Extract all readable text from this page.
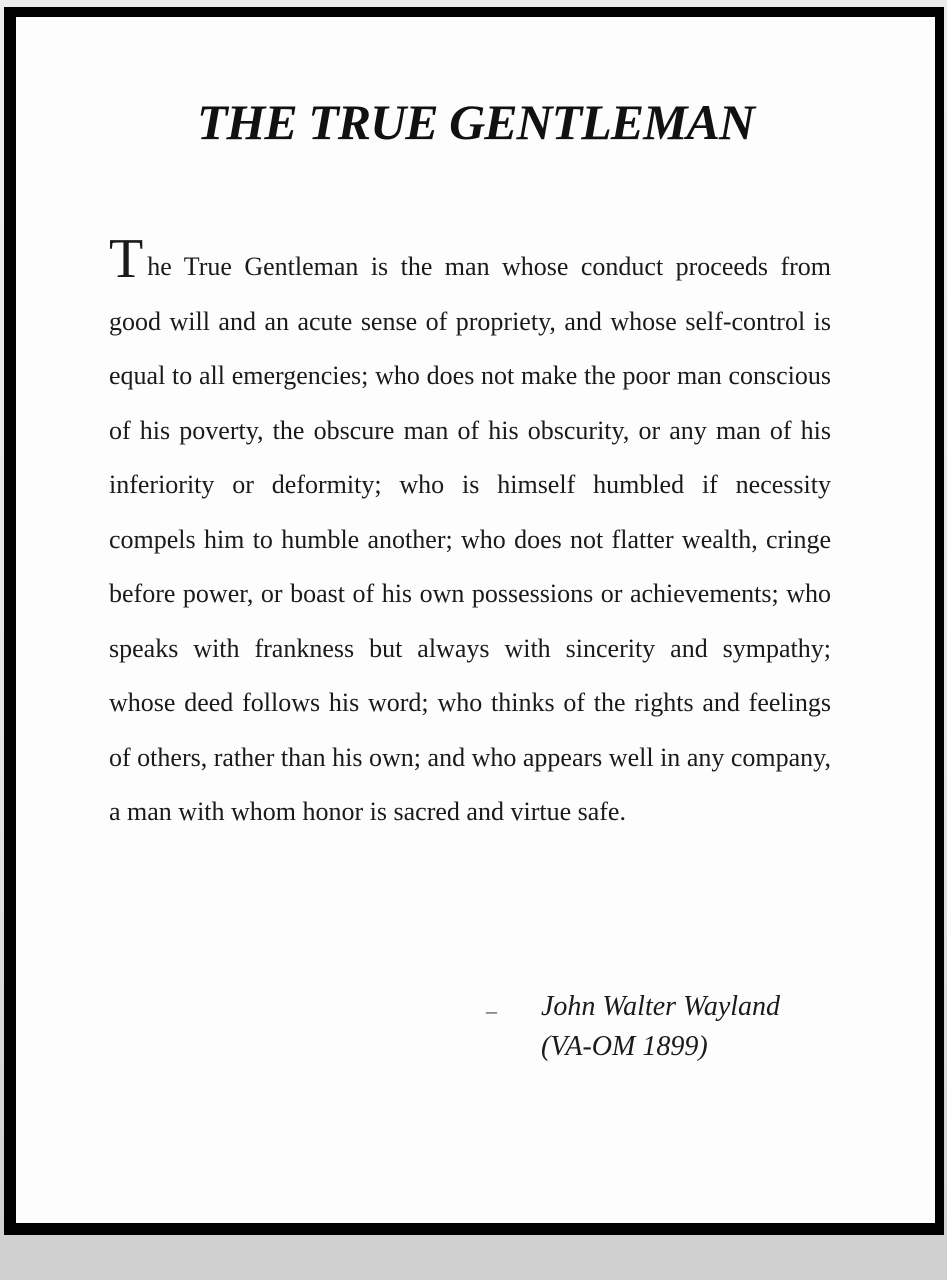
THE TRUE GENTLEMAN

The True Gentleman is the man whose conduct proceeds from good will and an acute sense of propriety, and whose self-control is equal to all emergencies; who does not make the poor man conscious of his poverty, the obscure man of his obscurity, or any man of his inferiority or deformity; who is himself humbled if necessity compels him to humble another; who does not flatter wealth, cringe before power, or boast of his own possessions or achievements; who speaks with frankness but always with sincerity and sympathy; whose deed follows his word; who thinks of the rights and feelings of others, rather than his own; and who appears well in any company, a man with whom honor is sacred and virtue safe.

– John Walter Wayland
(VA-OM 1899)
